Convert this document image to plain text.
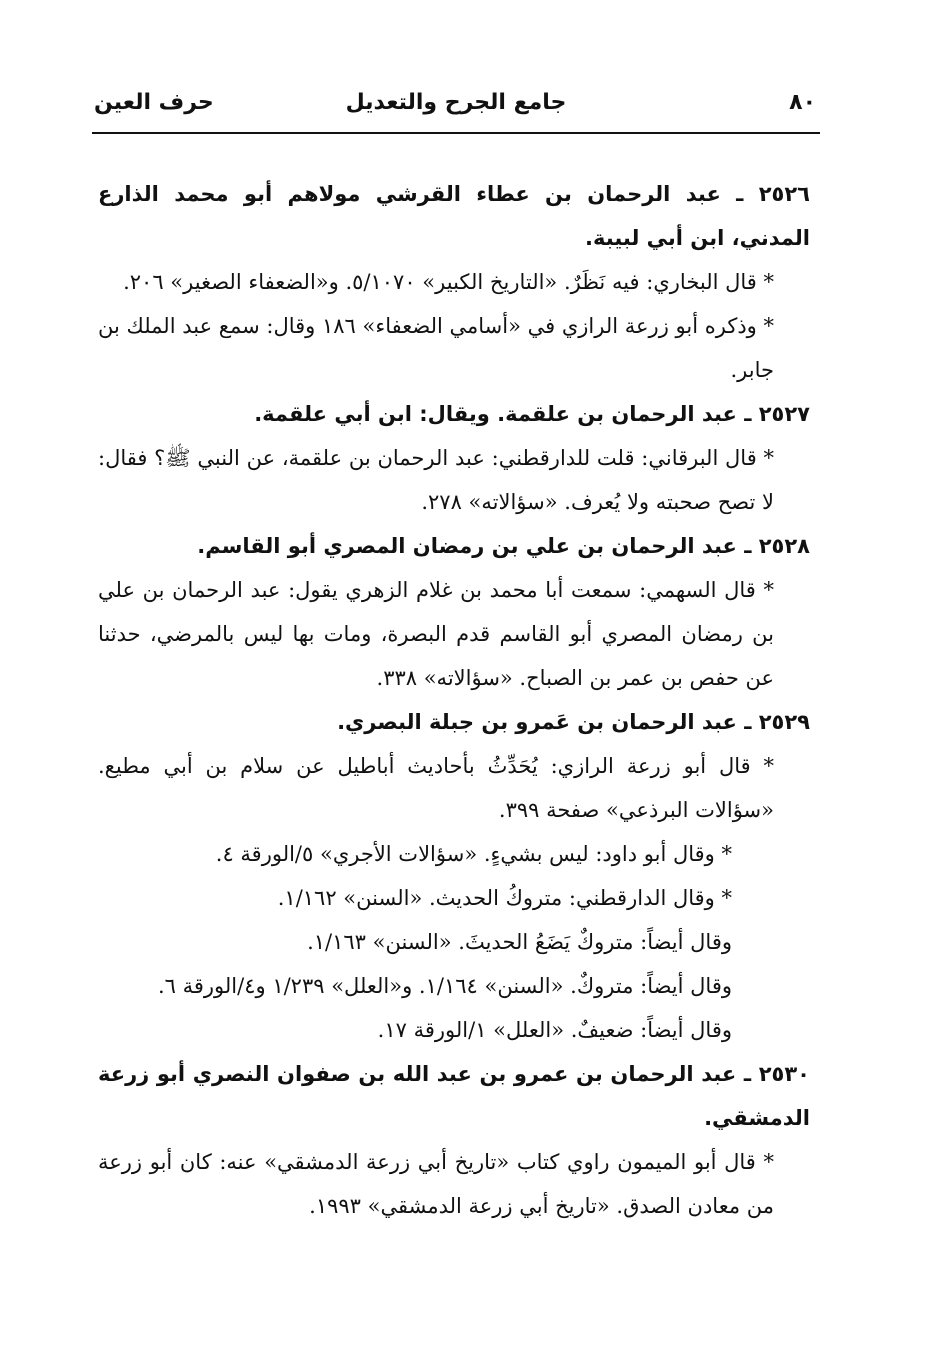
٨٠
جامع الجرح والتعديل
حرف العين

٢٥٢٦ ـ عبد الرحمان بن عطاء القرشي مولاهم أبو محمد الذارع المدني، ابن أبي لبيبة.

* قال البخاري: فيه نَظَرٌ. «التاريخ الكبير» ٥/١٠٧٠. و«الضعفاء الصغير» ٢٠٦.

* وذكره أبو زرعة الرازي في «أسامي الضعفاء» ١٨٦ وقال: سمع عبد الملك بن جابر.

٢٥٢٧ ـ عبد الرحمان بن علقمة. ويقال: ابن أبي علقمة.

* قال البرقاني: قلت للدارقطني: عبد الرحمان بن علقمة، عن النبي ﷺ؟ فقال: لا تصح صحبته ولا يُعرف. «سؤالاته» ٢٧٨.

٢٥٢٨ ـ عبد الرحمان بن علي بن رمضان المصري أبو القاسم.

* قال السهمي: سمعت أبا محمد بن غلام الزهري يقول: عبد الرحمان بن علي بن رمضان المصري أبو القاسم قدم البصرة، ومات بها ليس بالمرضي، حدثنا عن حفص بن عمر بن الصباح. «سؤالاته» ٣٣٨.

٢٥٢٩ ـ عبد الرحمان بن عَمرو بن جبلة البصري.

* قال أبو زرعة الرازي: يُحَدِّثُ بأحاديث أباطيل عن سلام بن أبي مطيع. «سؤالات البرذعي» صفحة ٣٩٩.

* وقال أبو داود: ليس بشيءٍ. «سؤالات الأجري» ٥/الورقة ٤.

* وقال الدارقطني: متروكُ الحديث. «السنن» ١/١٦٢.

وقال أيضاً: متروكٌ يَضَعُ الحديثَ. «السنن» ١/١٦٣.

وقال أيضاً: متروكٌ. «السنن» ١/١٦٤. و«العلل» ١/٢٣٩ و٤/الورقة ٦.

وقال أيضاً: ضعيفٌ. «العلل» ١/الورقة ١٧.

٢٥٣٠ ـ عبد الرحمان بن عمرو بن عبد الله بن صفوان النصري أبو زرعة الدمشقي.

* قال أبو الميمون راوي كتاب «تاريخ أبي زرعة الدمشقي» عنه: كان أبو زرعة من معادن الصدق. «تاريخ أبي زرعة الدمشقي» ١٩٩٣.
